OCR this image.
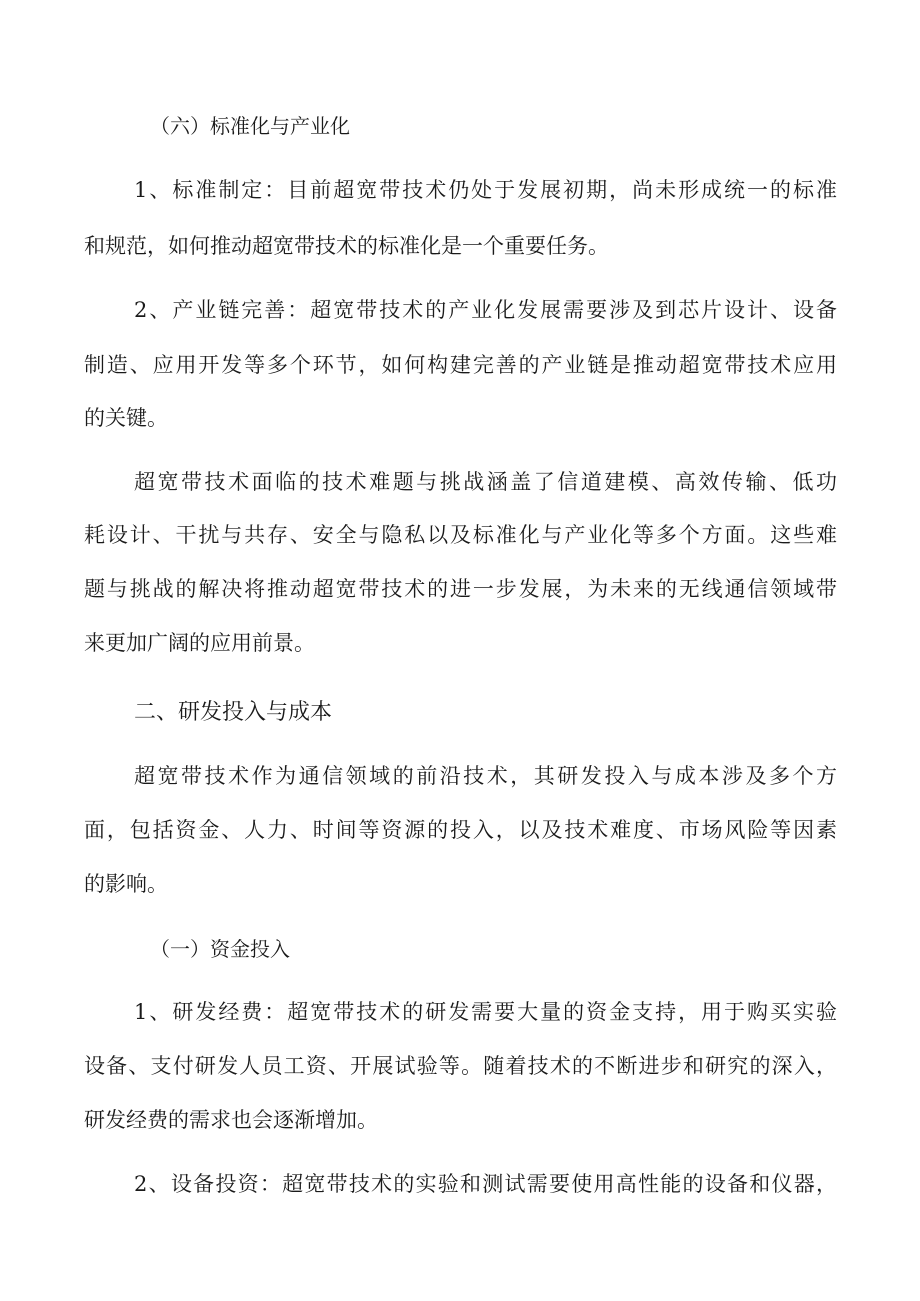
（六）标准化与产业化
1、标准制定：目前超宽带技术仍处于发展初期，尚未形成统一的标准
和规范，如何推动超宽带技术的标准化是一个重要任务。
2、产业链完善：超宽带技术的产业化发展需要涉及到芯片设计、设备
制造、应用开发等多个环节，如何构建完善的产业链是推动超宽带技术应用
的关键。
超宽带技术面临的技术难题与挑战涵盖了信道建模、高效传输、低功
耗设计、干扰与共存、安全与隐私以及标准化与产业化等多个方面。这些难
题与挑战的解决将推动超宽带技术的进一步发展，为未来的无线通信领域带
来更加广阔的应用前景。
二、研发投入与成本
超宽带技术作为通信领域的前沿技术，其研发投入与成本涉及多个方
面，包括资金、人力、时间等资源的投入，以及技术难度、市场风险等因素
的影响。
（一）资金投入
1、研发经费：超宽带技术的研发需要大量的资金支持，用于购买实验
设备、支付研发人员工资、开展试验等。随着技术的不断进步和研究的深入，
研发经费的需求也会逐渐增加。
2、设备投资：超宽带技术的实验和测试需要使用高性能的设备和仪器，
